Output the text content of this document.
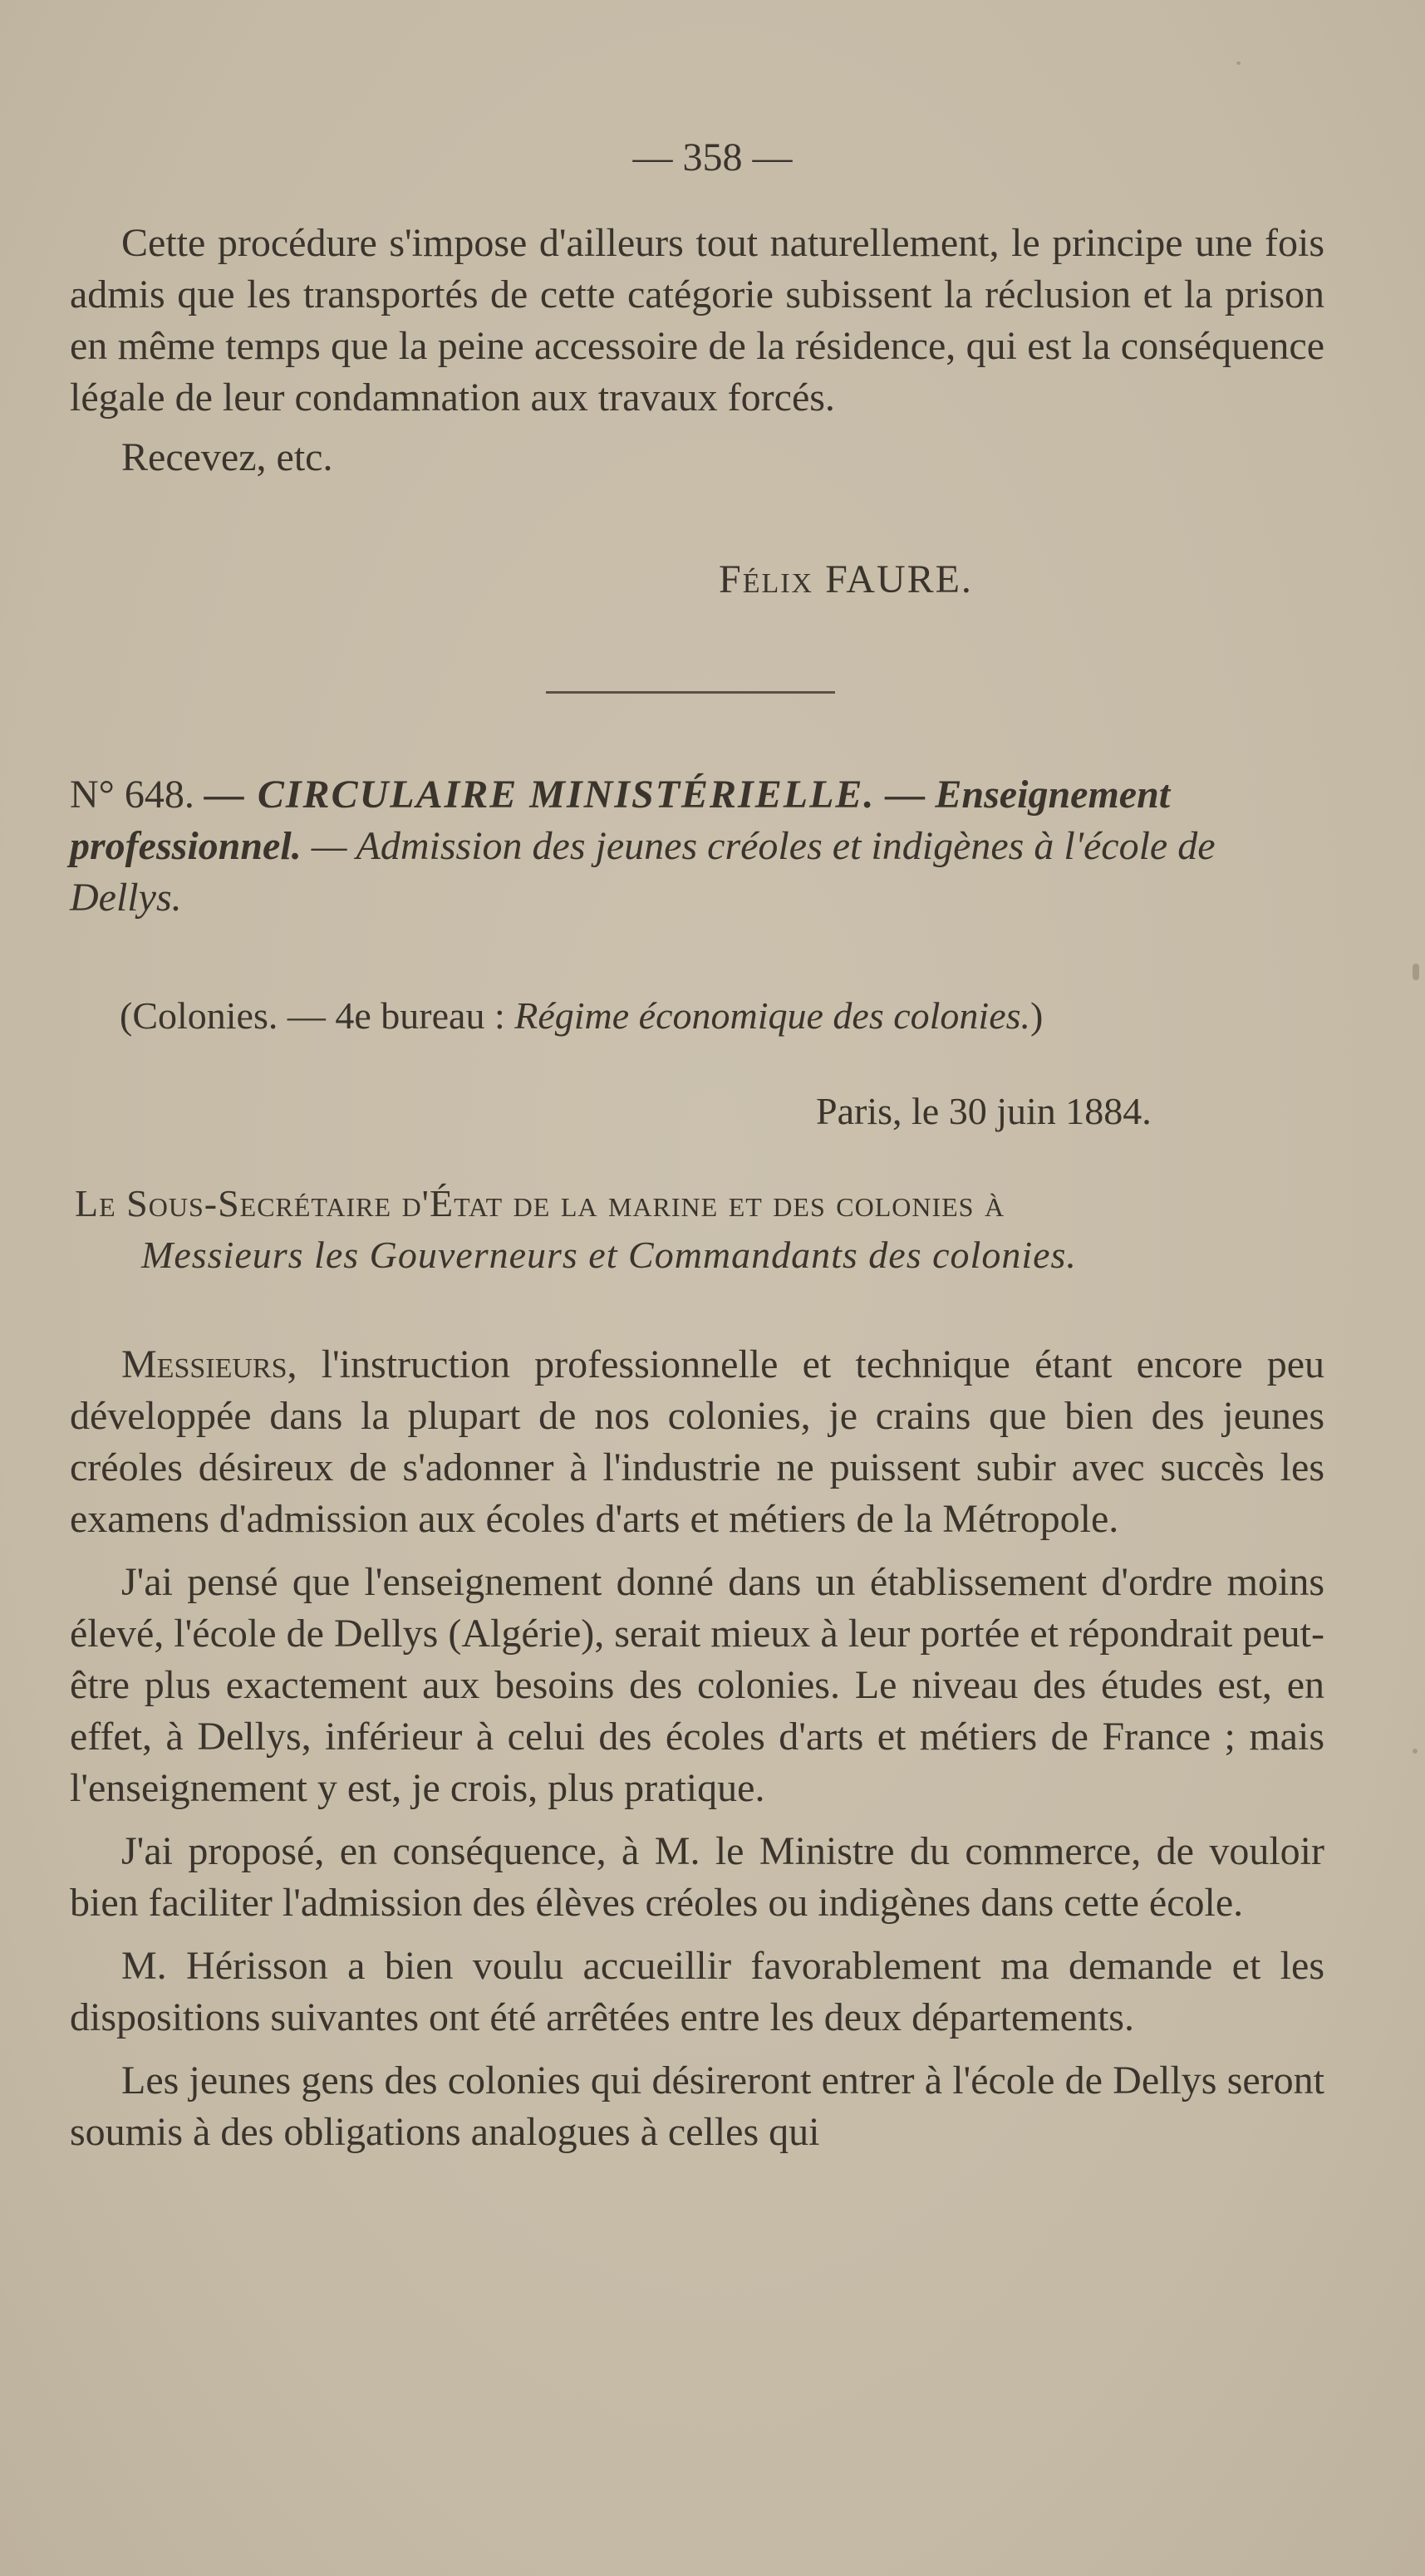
— 358 —

Cette procédure s'impose d'ailleurs tout naturellement, le principe une fois admis que les transportés de cette catégorie subissent la réclusion et la prison en même temps que la peine accessoire de la résidence, qui est la conséquence légale de leur condamnation aux travaux forcés.

Recevez, etc.

Félix FAURE.
N° 648. — CIRCULAIRE MINISTÉRIELLE. — Enseignement professionnel. — Admission des jeunes créoles et indigènes à l'école de Dellys.
(Colonies. — 4e bureau : Régime économique des colonies.)
Paris, le 30 juin 1884.
Le Sous-Secrétaire d'État de la marine et des colonies à
Messieurs les Gouverneurs et Commandants des colonies.

Messieurs, l'instruction professionnelle et technique étant encore peu développée dans la plupart de nos colonies, je crains que bien des jeunes créoles désireux de s'adonner à l'industrie ne puissent subir avec succès les examens d'admission aux écoles d'arts et métiers de la Métropole.

J'ai pensé que l'enseignement donné dans un établissement d'ordre moins élevé, l'école de Dellys (Algérie), serait mieux à leur portée et répondrait peut-être plus exactement aux besoins des colonies. Le niveau des études est, en effet, à Dellys, inférieur à celui des écoles d'arts et métiers de France ; mais l'enseignement y est, je crois, plus pratique.

J'ai proposé, en conséquence, à M. le Ministre du commerce, de vouloir bien faciliter l'admission des élèves créoles ou indigènes dans cette école.

M. Hérisson a bien voulu accueillir favorablement ma demande et les dispositions suivantes ont été arrêtées entre les deux départements.

Les jeunes gens des colonies qui désireront entrer à l'école de Dellys seront soumis à des obligations analogues à celles qui
